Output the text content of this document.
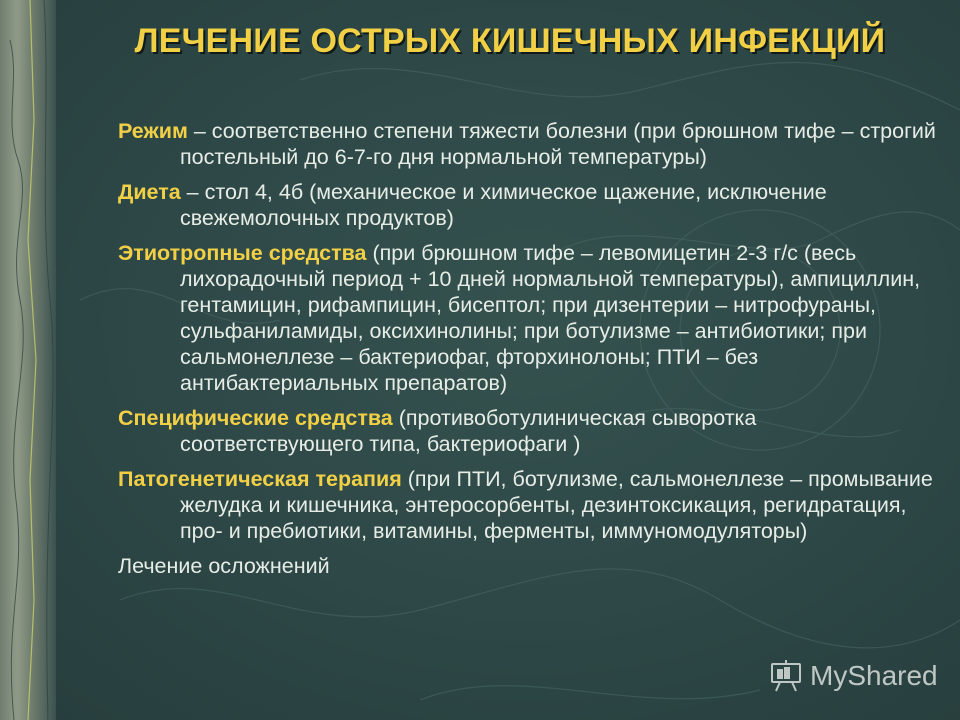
ЛЕЧЕНИЕ ОСТРЫХ КИШЕЧНЫХ ИНФЕКЦИЙ

Режим – соответственно степени тяжести болезни (при брюшном тифе – строгий постельный до 6-7-го дня нормальной температуры)

Диета – стол 4, 4б (механическое и химическое щажение, исключение свежемолочных продуктов)

Этиотропные средства (при брюшном тифе – левомицетин 2-3 г/с (весь лихорадочный период + 10 дней нормальной температуры), ампициллин, гентамицин, рифампицин, бисептол; при дизентерии – нитрофураны, сульфаниламиды, оксихинолины; при ботулизме – антибиотики; при сальмонеллезе – бактериофаг, фторхинолоны; ПТИ – без антибактериальных препаратов)

Специфические средства (противоботулиническая сыворотка соответствующего типа, бактериофаги )

Патогенетическая терапия (при ПТИ, ботулизме, сальмонеллезе – промывание желудка и кишечника, энтеросорбенты, дезинтоксикация, регидратация, про- и пребиотики, витамины, ферменты, иммуномодуляторы)

Лечение осложнений

MyShared
